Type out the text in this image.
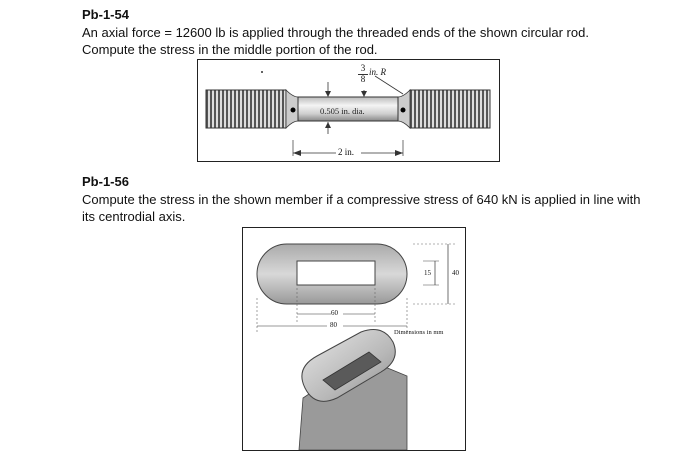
Pb-1-54
An axial force = 12600 lb is applied through the threaded ends of the shown circular rod.
Compute the stress in the middle portion of the rod.
$\frac{3}{8}$ in. R
0.505 in. dia.
2 in.
Pb-1-56
Compute the stress in the shown member if a compressive stress of 640 kN is applied in line with
its centrodial axis.
15	40
60
80
Dimensions in mm
